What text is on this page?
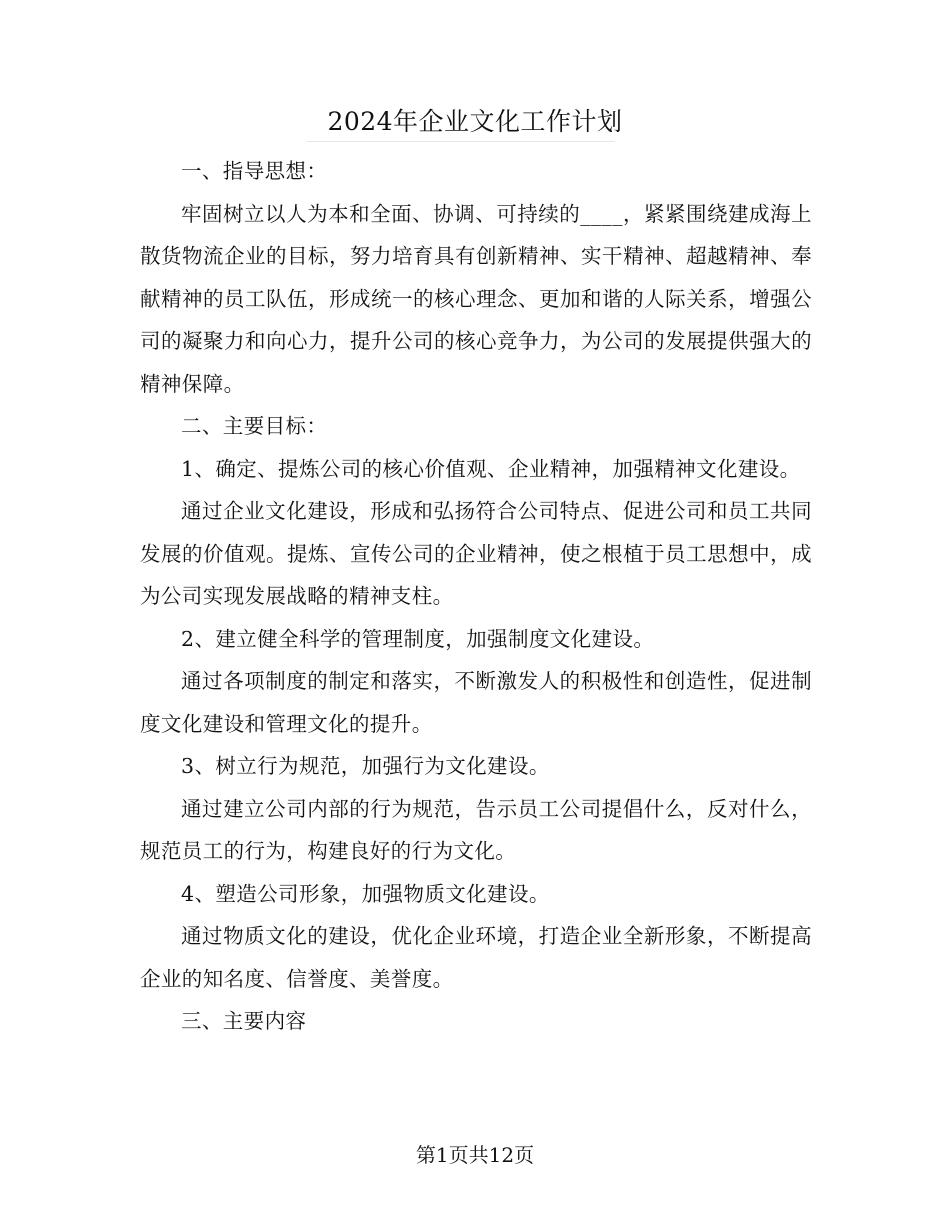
2024年企业文化工作计划

一、指导思想：

牢固树立以人为本和全面、协调、可持续的____，紧紧围绕建成海上散货物流企业的目标，努力培育具有创新精神、实干精神、超越精神、奉献精神的员工队伍，形成统一的核心理念、更加和谐的人际关系，增强公司的凝聚力和向心力，提升公司的核心竞争力，为公司的发展提供强大的精神保障。

二、主要目标：

1、确定、提炼公司的核心价值观、企业精神，加强精神文化建设。

通过企业文化建设，形成和弘扬符合公司特点、促进公司和员工共同发展的价值观。提炼、宣传公司的企业精神，使之根植于员工思想中，成为公司实现发展战略的精神支柱。

2、建立健全科学的管理制度，加强制度文化建设。

通过各项制度的制定和落实，不断激发人的积极性和创造性，促进制度文化建设和管理文化的提升。

3、树立行为规范，加强行为文化建设。

通过建立公司内部的行为规范，告示员工公司提倡什么，反对什么，规范员工的行为，构建良好的行为文化。

4、塑造公司形象，加强物质文化建设。

通过物质文化的建设，优化企业环境，打造企业全新形象，不断提高企业的知名度、信誉度、美誉度。

三、主要内容

第1页共12页
